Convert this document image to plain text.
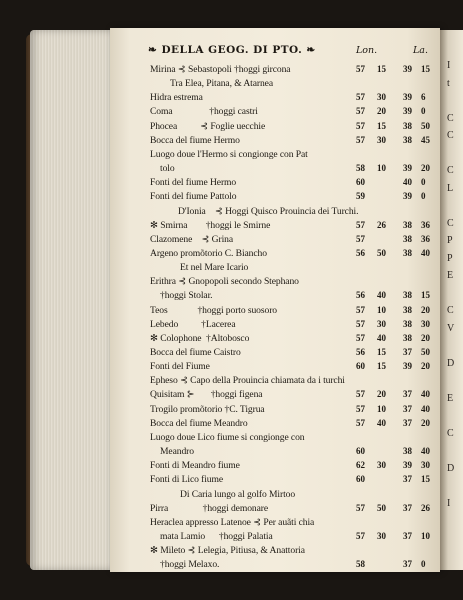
I
t
C
C
C
L
C
P
P
E
C
V
D
E
C
D
I
❧ DELLA GEOG. DI PTO. ❧	Lon.	La.
Mirina ⊰ Sebastopoli †hoggi gircona	57 15 39 15
Tra Elea, Pitana, & Atarnea
Hidra estrema	57 30 39 6
Coma                †hoggi castri	57 20 39 0
Phocea          ⊰ Foglie uecchie	57 15 38 50
Bocca del fiume Hermo	57 30 38 45
Luogo doue l'Hermo si congionge con Pat
tolo	58 10 39 20
Fonti del fiume Hermo	60	40 0
Fonti del fiume Pattolo	59	39 0
D'Ionia    ⊰ Hoggi Quisco Prouincia dei Turchi.
✻ Smirna        †hoggi le Smirne	57 26 38 36
Clazomene    ⊰ Grina	57	38 36
Argeno promõtorio C. Biancho	56 50 38 40
Et nel Mare Icario
Erithra ⊰ Gnopopoli secondo Stephano
†hoggi Stolar.	56 40 38 15
Teos             †hoggi porto suosoro	57 10 38 20
Lebedo          †Lacerea	57 30 38 30
✻ Colophone  †Altobosco	57 40 38 20
Bocca del fiume Caistro	56 15 37 50
Fonti del Fiume	60 15 39 20
Epheso ⊰ Capo della Prouincia chiamata da i turchi
Quisitam ⊱       †hoggi figena	57 20 37 40
Trogilo promõtorio †C. Tigrua	57 10 37 40
Bocca del fiume Meandro	57 40 37 20
Luogo doue Lico fiume si congionge con
Meandro	60	38 40
Fonti di Meandro fiume	62 30 39 30
Fonti di Lico fiume	60	37 15
Di Caria lungo al golfo Mirtoo
Pirra               †hoggi demonare	57 50 37 26
Heraclea appresso Latenoe ⊰ Per auãti chia
mata Lamio      †hoggi Palatia	57 30 37 10
✻ Mileto ⊰ Lelegia, Pitiusa, & Anattoria
†hoggi Melaxo.	58	37 0
